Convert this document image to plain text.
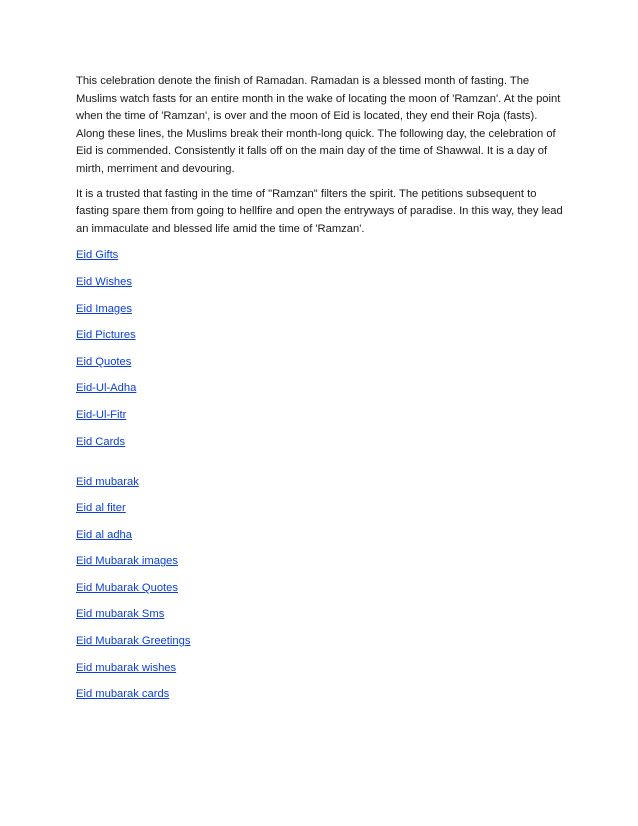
This celebration denote the finish of Ramadan. Ramadan is a blessed month of fasting. The Muslims watch fasts for an entire month in the wake of locating the moon of 'Ramzan'. At the point when the time of 'Ramzan', is over and the moon of Eid is located, they end their Roja (fasts). Along these lines, the Muslims break their month-long quick. The following day, the celebration of Eid is commended. Consistently it falls off on the main day of the time of Shawwal. It is a day of mirth, merriment and devouring.

It is a trusted that fasting in the time of "Ramzan" filters the spirit. The petitions subsequent to fasting spare them from going to hellfire and open the entryways of paradise. In this way, they lead an immaculate and blessed life amid the time of 'Ramzan'.

Eid Gifts
Eid Wishes
Eid Images
Eid Pictures
Eid Quotes
Eid-Ul-Adha
Eid-Ul-Fitr
Eid Cards
Eid mubarak
Eid al fiter
Eid al adha
Eid Mubarak images
Eid Mubarak Quotes
Eid mubarak Sms
Eid Mubarak Greetings
Eid mubarak wishes
Eid mubarak cards
